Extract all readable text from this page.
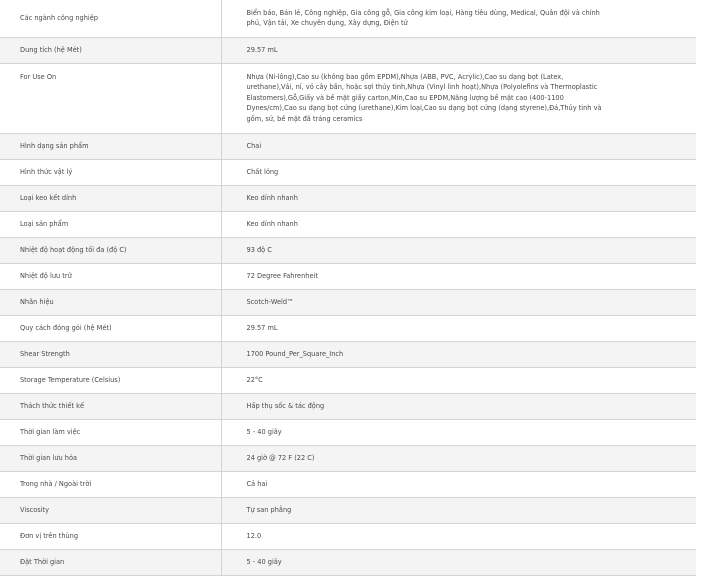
Các ngành công nghiệp	Biển báo, Bán lẻ, Công nghiệp, Gia công gỗ, Gia công kim loại, Hàng tiêu dùng, Medical, Quân đội và chính phủ, Vận tải, Xe chuyên dụng, Xây dựng, Điện tử
Dung tích (hệ Mét)	29.57 mL
For Use On	Nhựa (Ni-lông),Cao su (không bao gồm EPDM),Nhựa (ABB, PVC, Acrylic),Cao su dạng bọt (Latex, urethane),Vải, nỉ, vỏ cây bần, hoặc sợi thủy tinh,Nhựa (Vinyl linh hoạt),Nhựa (Polyolefins và Thermoplastic Elastomers),Gỗ,Giấy và bề mặt giấy carton,Min,Cao su EPDM,Năng lượng bề mặt cao (400-1100 Dynes/cm),Cao su dạng bọt cứng (urethane),Kim loại,Cao su dạng bọt cứng (dạng styrene),Đá,Thủy tinh và gốm, sứ, bề mặt đã tráng ceramics
Hình dạng sản phẩm	Chai
Hình thức vật lý	Chất lỏng
Loại keo kết dính	Keo dính nhanh
Loại sản phẩm	Keo dính nhanh
Nhiệt độ hoạt động tối đa (độ C)	93 độ C
Nhiệt độ lưu trữ	72 Degree Fahrenheit
Nhãn hiệu	Scotch-Weld™
Quy cách đóng gói (hệ Mét)	29.57 mL
Shear Strength	1700 Pound_Per_Square_Inch
Storage Temperature (Celsius)	22°C
Thách thức thiết kế	Hấp thụ sốc & tác động
Thời gian làm việc	5 - 40 giây
Thời gian lưu hóa	24 giờ @ 72 F (22 C)
Trong nhà / Ngoài trời	Cả hai
Viscosity	Tự san phẳng
Đơn vị trên thùng	12.0
Đặt Thời gian	5 - 40 giây
